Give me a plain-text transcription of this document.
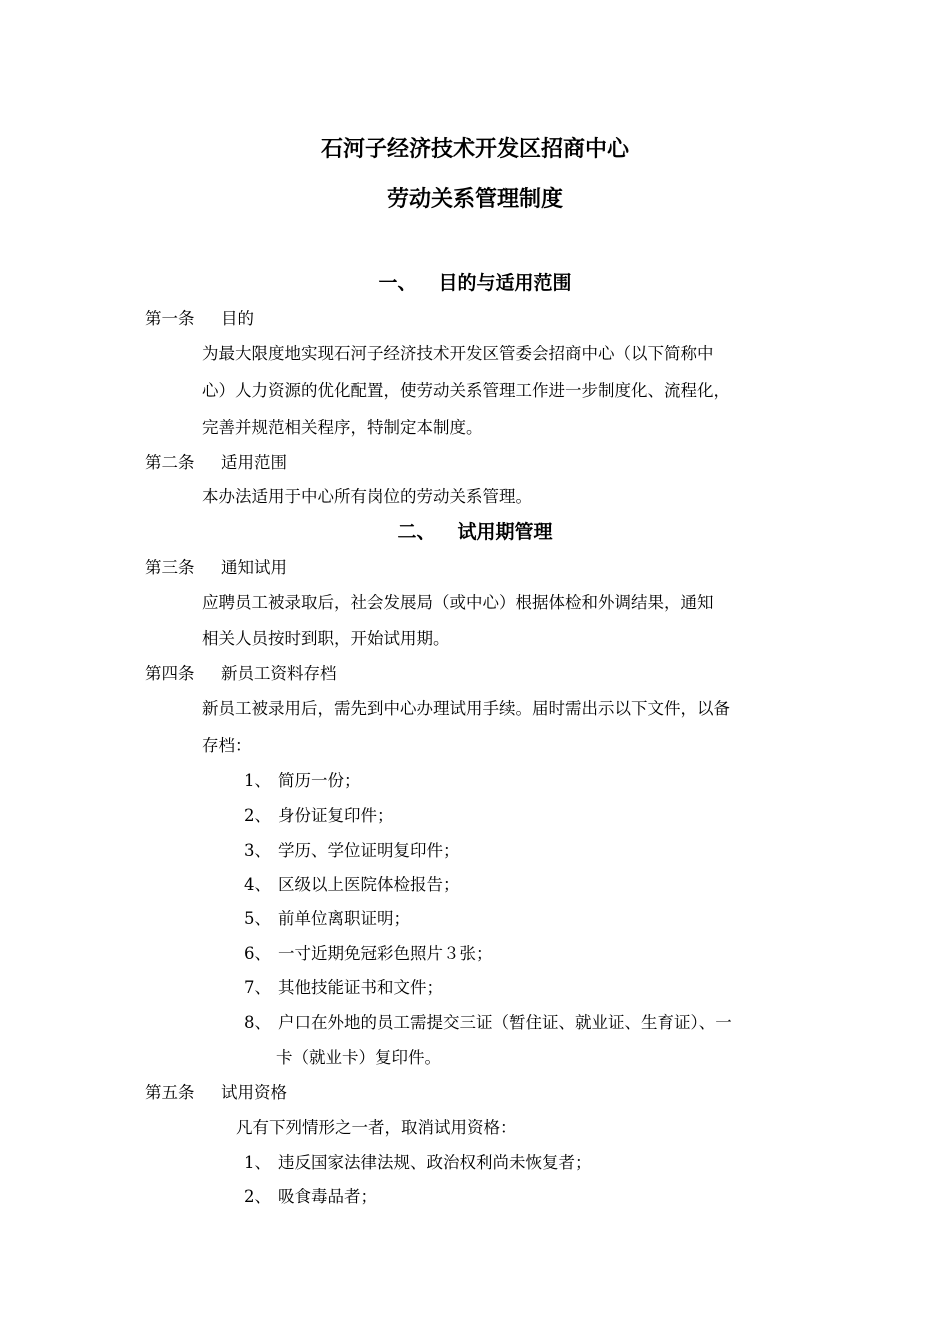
石河子经济技术开发区招商中心
劳动关系管理制度
一、 目的与适用范围
第一条 目的
为最大限度地实现石河子经济技术开发区管委会招商中心（以下简称中
心）人力资源的优化配置，使劳动关系管理工作进一步制度化、流程化，
完善并规范相关程序，特制定本制度。
第二条 适用范围
本办法适用于中心所有岗位的劳动关系管理。
二、 试用期管理
第三条 通知试用
应聘员工被录取后，社会发展局（或中心）根据体检和外调结果，通知
相关人员按时到职，开始试用期。
第四条 新员工资料存档
新员工被录用后，需先到中心办理试用手续。届时需出示以下文件，以备
存档：
1、 简历一份；
2、 身份证复印件；
3、 学历、学位证明复印件；
4、 区级以上医院体检报告；
5、 前单位离职证明；
6、 一寸近期免冠彩色照片３张；
7、 其他技能证书和文件；
8、 户口在外地的员工需提交三证（暂住证、就业证、生育证）、一
卡（就业卡）复印件。
第五条 试用资格
凡有下列情形之一者，取消试用资格：
1、 违反国家法律法规、政治权利尚未恢复者；
2、 吸食毒品者；
